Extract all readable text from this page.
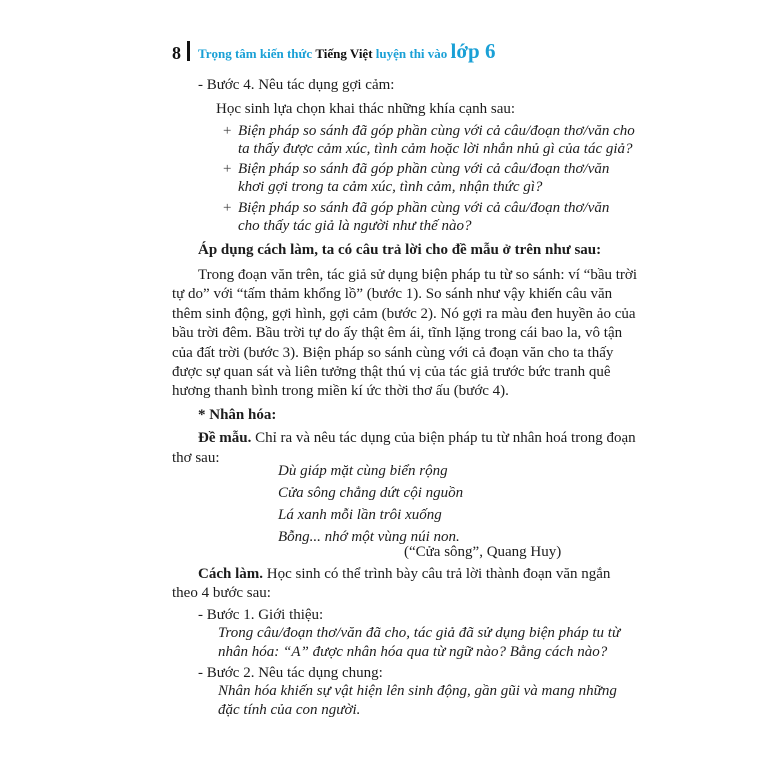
8 Trọng tâm kiến thức Tiếng Việt luyện thi vào lớp 6
- Bước 4. Nêu tác dụng gợi cảm:
Học sinh lựa chọn khai thác những khía cạnh sau:
+ Biện pháp so sánh đã góp phần cùng với cả câu/đoạn thơ/văn cho
ta thấy được cảm xúc, tình cảm hoặc lời nhắn nhủ gì của tác giả?
+ Biện pháp so sánh đã góp phần cùng với cả câu/đoạn thơ/văn
khơi gợi trong ta cảm xúc, tình cảm, nhận thức gì?
+ Biện pháp so sánh đã góp phần cùng với cả câu/đoạn thơ/văn
cho thấy tác giả là người như thế nào?
Áp dụng cách làm, ta có câu trả lời cho đề mẫu ở trên như sau:
Trong đoạn văn trên, tác giả sử dụng biện pháp tu từ so sánh: ví “bầu trời
tự do” với “tấm thảm khổng lồ” (bước 1). So sánh như vậy khiến câu văn
thêm sinh động, gợi hình, gợi cảm (bước 2). Nó gợi ra màu đen huyền ảo của
bầu trời đêm. Bầu trời tự do ấy thật êm ái, tĩnh lặng trong cái bao la, vô tận
của đất trời (bước 3). Biện pháp so sánh cùng với cả đoạn văn cho ta thấy
được sự quan sát và liên tưởng thật thú vị của tác giả trước bức tranh quê
hương thanh bình trong miền kí ức thời thơ ấu (bước 4).
* Nhân hóa:
Đề mẫu. Chỉ ra và nêu tác dụng của biện pháp tu từ nhân hoá trong đoạn
thơ sau:
Dù giáp mặt cùng biển rộng
Cửa sông chẳng dứt cội nguồn
Lá xanh mỗi lần trôi xuống
Bỗng... nhớ một vùng núi non.
(“Cửa sông”, Quang Huy)
Cách làm. Học sinh có thể trình bày câu trả lời thành đoạn văn ngắn
theo 4 bước sau:
- Bước 1. Giới thiệu:
Trong câu/đoạn thơ/văn đã cho, tác giả đã sử dụng biện pháp tu từ
nhân hóa: “A” được nhân hóa qua từ ngữ nào? Bằng cách nào?
- Bước 2. Nêu tác dụng chung:
Nhân hóa khiến sự vật hiện lên sinh động, gần gũi và mang những
đặc tính của con người.
